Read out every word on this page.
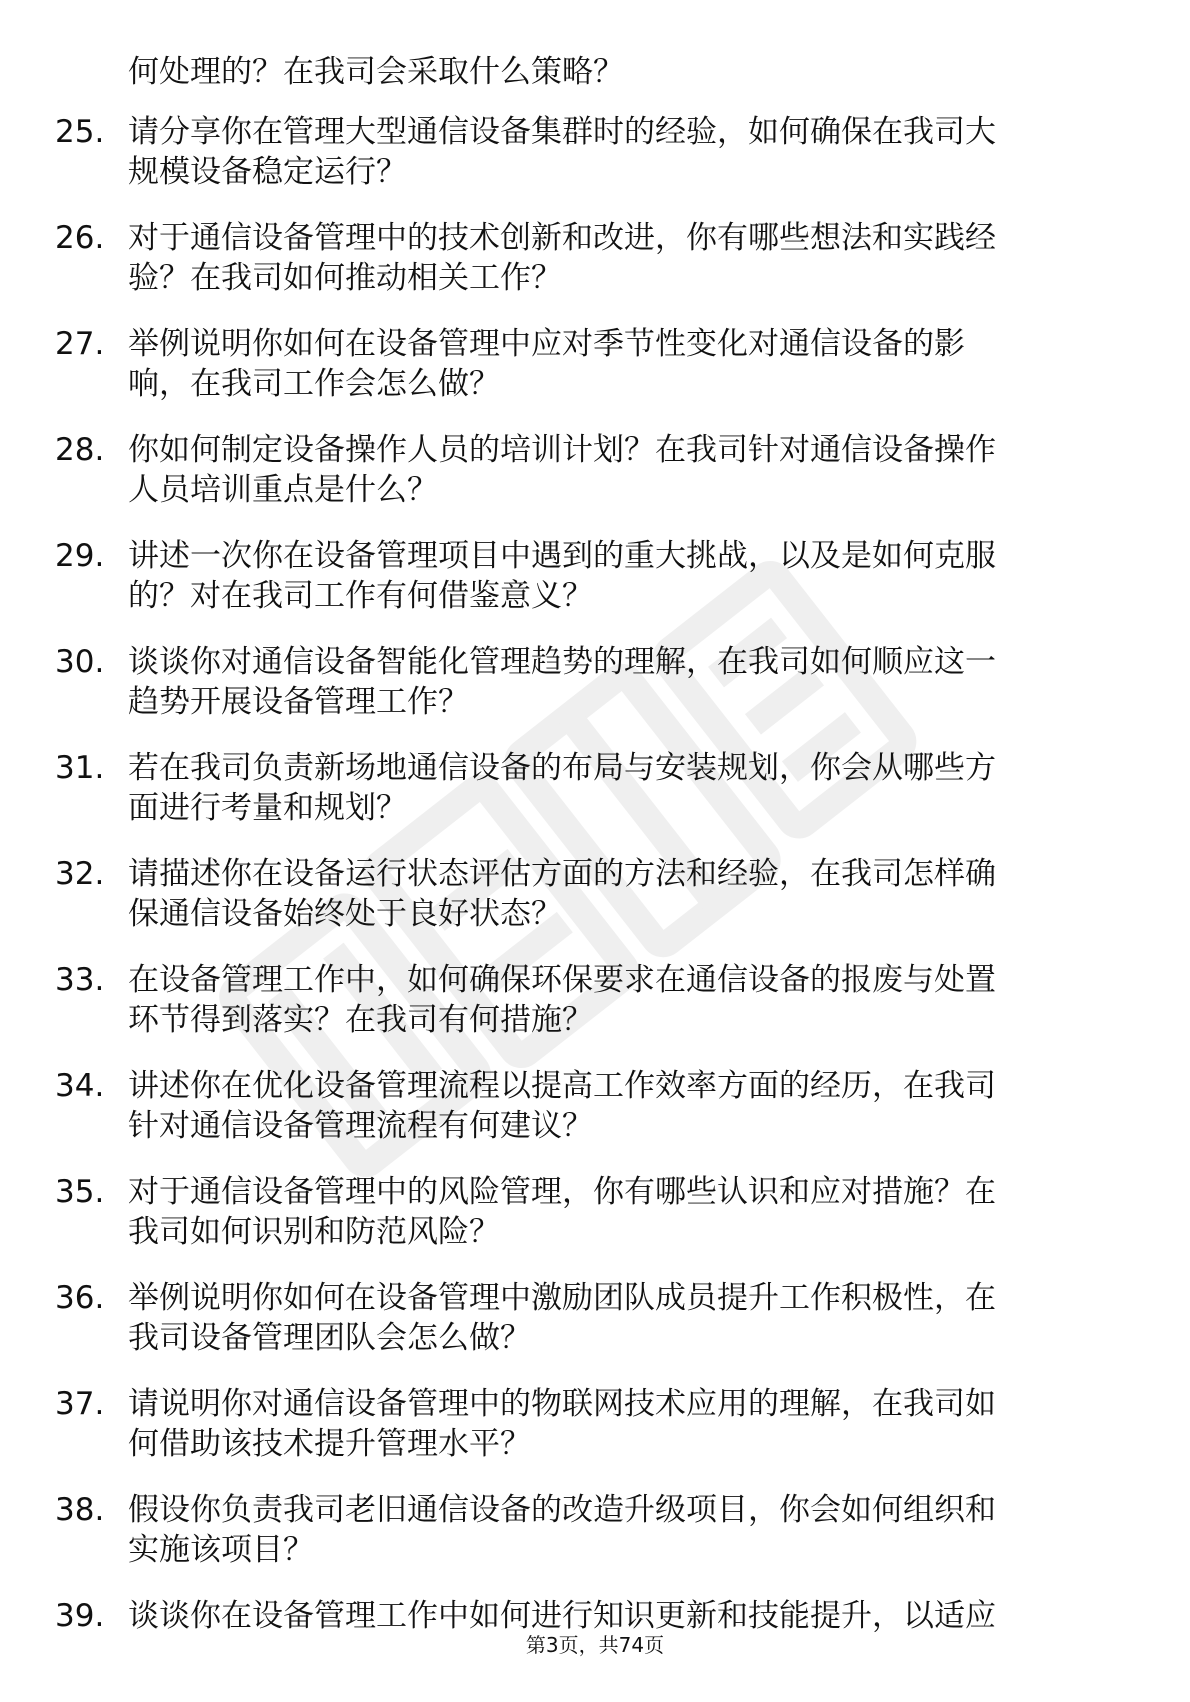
何处理的？在我司会采取什么策略？

25. 请分享你在管理大型通信设备集群时的经验，如何确保在我司大
规模设备稳定运行？
26. 对于通信设备管理中的技术创新和改进，你有哪些想法和实践经
验？在我司如何推动相关工作？
27. 举例说明你如何在设备管理中应对季节性变化对通信设备的影
响，在我司工作会怎么做？
28. 你如何制定设备操作人员的培训计划？在我司针对通信设备操作
人员培训重点是什么？
29. 讲述一次你在设备管理项目中遇到的重大挑战，以及是如何克服
的？对在我司工作有何借鉴意义？
30. 谈谈你对通信设备智能化管理趋势的理解，在我司如何顺应这一
趋势开展设备管理工作？
31. 若在我司负责新场地通信设备的布局与安装规划，你会从哪些方
面进行考量和规划？
32. 请描述你在设备运行状态评估方面的方法和经验，在我司怎样确
保通信设备始终处于良好状态？
33. 在设备管理工作中，如何确保环保要求在通信设备的报废与处置
环节得到落实？在我司有何措施？
34. 讲述你在优化设备管理流程以提高工作效率方面的经历，在我司
针对通信设备管理流程有何建议？
35. 对于通信设备管理中的风险管理，你有哪些认识和应对措施？在
我司如何识别和防范风险？
36. 举例说明你如何在设备管理中激励团队成员提升工作积极性，在
我司设备管理团队会怎么做？
37. 请说明你对通信设备管理中的物联网技术应用的理解，在我司如
何借助该技术提升管理水平？
38. 假设你负责我司老旧通信设备的改造升级项目，你会如何组织和
实施该项目？
39. 谈谈你在设备管理工作中如何进行知识更新和技能提升，以适应
第3页，共74页
